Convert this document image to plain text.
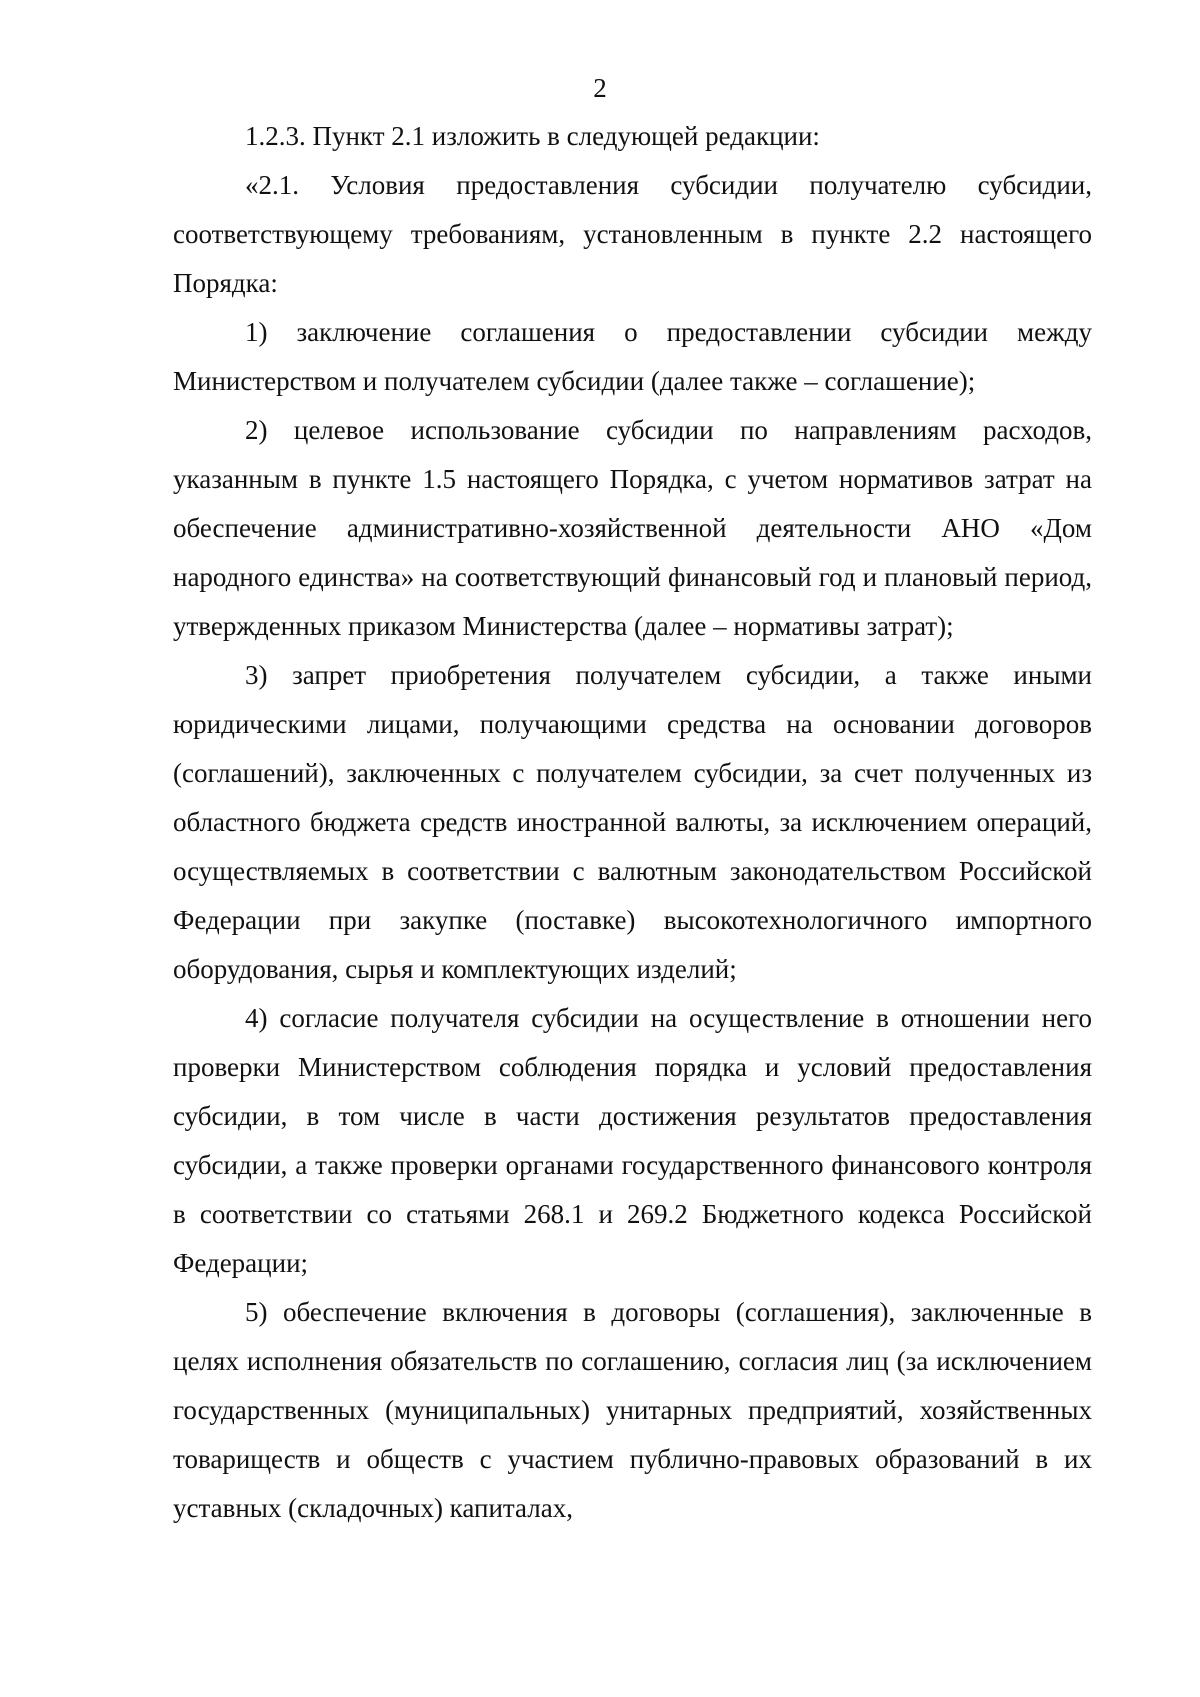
2

1.2.3. Пункт 2.1 изложить в следующей редакции:

«2.1. Условия предоставления субсидии получателю субсидии, соответствующему требованиям, установленным в пункте 2.2 настоящего Порядка:

1) заключение соглашения о предоставлении субсидии между Министерством и получателем субсидии (далее также – соглашение);

2) целевое использование субсидии по направлениям расходов, указанным в пункте 1.5 настоящего Порядка, с учетом нормативов затрат на обеспечение административно-хозяйственной деятельности АНО «Дом народного единства» на соответствующий финансовый год и плановый период, утвержденных приказом Министерства (далее – нормативы затрат);

3) запрет приобретения получателем субсидии, а также иными юридическими лицами, получающими средства на основании договоров (соглашений), заключенных с получателем субсидии, за счет полученных из областного бюджета средств иностранной валюты, за исключением операций, осуществляемых в соответствии с валютным законодательством Российской Федерации при закупке (поставке) высокотехнологичного импортного оборудования, сырья и комплектующих изделий;

4) согласие получателя субсидии на осуществление в отношении него проверки Министерством соблюдения порядка и условий предоставления субсидии, в том числе в части достижения результатов предоставления субсидии, а также проверки органами государственного финансового контроля в соответствии со статьями 268.1 и 269.2 Бюджетного кодекса Российской Федерации;

5) обеспечение включения в договоры (соглашения), заключенные в целях исполнения обязательств по соглашению, согласия лиц (за исключением государственных (муниципальных) унитарных предприятий, хозяйственных товариществ и обществ с участием публично-правовых образований в их уставных (складочных) капиталах,
